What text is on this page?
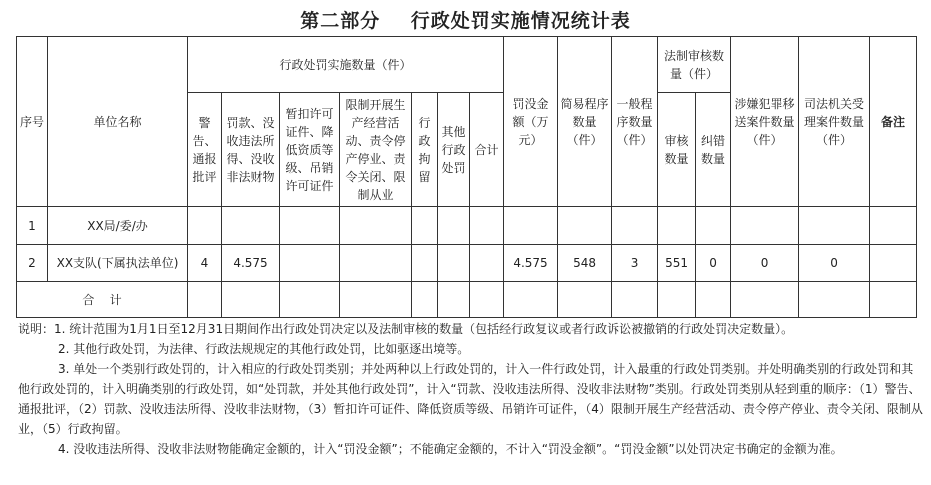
第二部分    行政处罚实施情况统计表
序号	单位名称	行政处罚实施数量（件）							罚没金额（万元）	简易程序数量（件）	一般程序数量（件）	法制审核数量（件）		涉嫌犯罪移送案件数量（件）	司法机关受理案件数量（件）	备注
		警告、通报批评	罚款、没收违法所得、没收非法财物	暂扣许可证件、降低资质等级、吊销许可证件	限制开展生产经营活动、责令停产停业、责令关闭、限制从业	行政拘留	其他行政处罚	合计				审核数量	纠错数量			

1	XX局/委/办															
2	XX支队(下属执法单位)	4	4.575						4.575	548	3	551	0	0	0	
合    计																

说明：1. 统计范围为1月1日至12月31日期间作出行政处罚决定以及法制审核的数量（包括经行政复议或者行政诉讼被撤销的行政处罚决定数量）。

2. 其他行政处罚，为法律、行政法规规定的其他行政处罚，比如驱逐出境等。

3. 单处一个类别行政处罚的，计入相应的行政处罚类别；并处两种以上行政处罚的，计入一件行政处罚，计入最重的行政处罚类别。并处明确类别的行政处罚和其他行政处罚的，计入明确类别的行政处罚，如“处罚款，并处其他行政处罚”，计入“罚款、没收违法所得、没收非法财物”类别。行政处罚类别从轻到重的顺序：（1）警告、通报批评，（2）罚款、没收违法所得、没收非法财物，（3）暂扣许可证件、降低资质等级、吊销许可证件，（4）限制开展生产经营活动、责令停产停业、责令关闭、限制从业，（5）行政拘留。

4. 没收违法所得、没收非法财物能确定金额的，计入“罚没金额”；不能确定金额的，不计入“罚没金额”。“罚没金额”以处罚决定书确定的金额为准。
